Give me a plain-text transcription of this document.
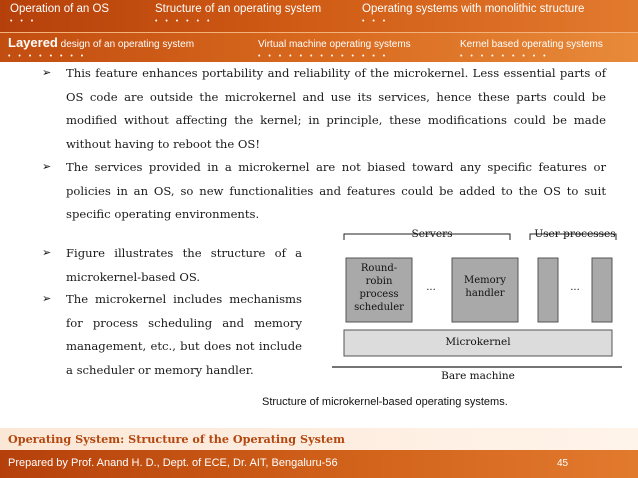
Operation of an OS
• • •
Structure of an operating system
• • • • • •
Operating systems with monolithic structure
• • •
Layered design of an operating system
• • • • • • • •
Virtual machine operating systems
• • • • • • • • • • • • •
Kernel based operating systems
• • • • • • • • •
➢ This feature enhances portability and reliability of the microkernel. Less essential parts of OS code are outside the microkernel and use its services, hence these parts could be modified without affecting the kernel; in principle, these modifications could be made without having to reboot the OS!
➢ The services provided in a microkernel are not biased toward any specific features or policies in an OS, so new functionalities and features could be added to the OS to suit specific operating environments.
➢ Figure illustrates the structure of a microkernel-based OS.
➢ The microkernel includes mechanisms for process scheduling and memory management, etc., but does not include a scheduler or memory handler.
Servers	User processes
Round-
robin
process
scheduler
...
Memory
handler
...
Microkernel
Bare machine
Structure of microkernel-based operating systems.
Operating System: Structure of the Operating System
Prepared by Prof. Anand H. D., Dept. of ECE, Dr. AIT, Bengaluru-56	45
